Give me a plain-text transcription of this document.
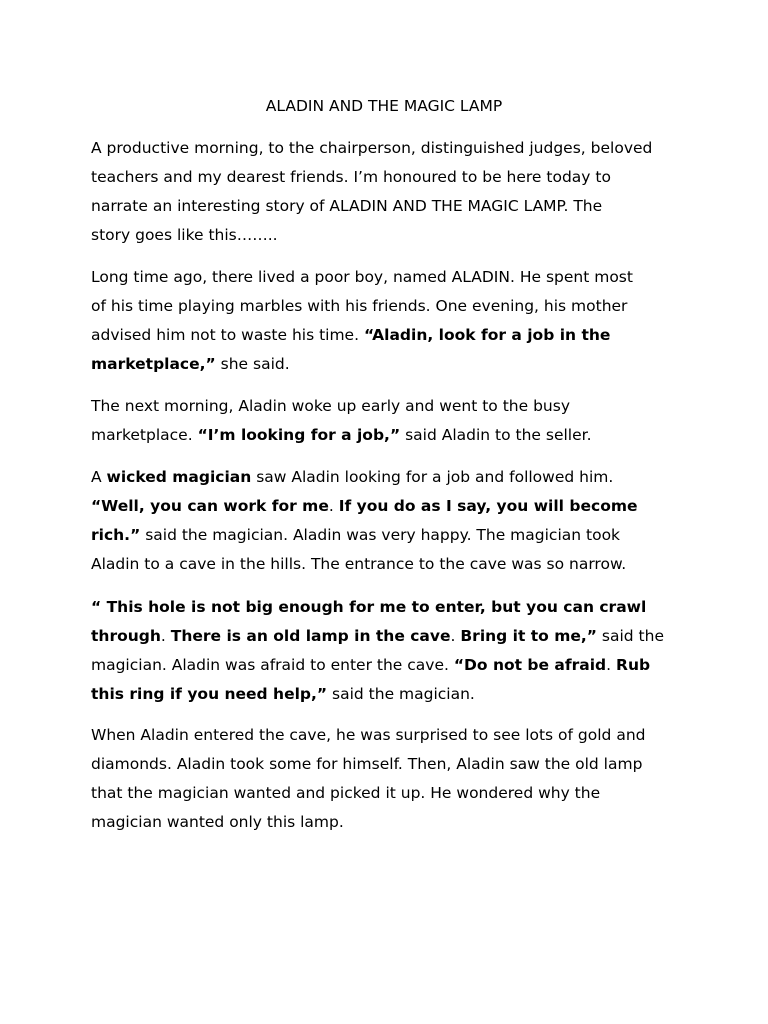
ALADIN AND THE MAGIC LAMP

A productive morning, to the chairperson, distinguished judges, beloved
teachers and my dearest friends. I’m honoured to be here today to
narrate an interesting story of ALADIN AND THE MAGIC LAMP. The
story goes like this……..

Long time ago, there lived a poor boy, named ALADIN. He spent most
of his time playing marbles with his friends. One evening, his mother
advised him not to waste his time. “Aladin, look for a job in the
marketplace,” she said.

The next morning, Aladin woke up early and went to the busy
marketplace. “I’m looking for a job,” said Aladin to the seller.

A wicked magician saw Aladin looking for a job and followed him.
“Well, you can work for me. If you do as I say, you will become
rich.” said the magician. Aladin was very happy. The magician took
Aladin to a cave in the hills. The entrance to the cave was so narrow.

“ This hole is not big enough for me to enter, but you can crawl
through. There is an old lamp in the cave. Bring it to me,” said the
magician. Aladin was afraid to enter the cave. “Do not be afraid. Rub
this ring if you need help,” said the magician.

When Aladin entered the cave, he was surprised to see lots of gold and
diamonds. Aladin took some for himself. Then, Aladin saw the old lamp
that the magician wanted and picked it up. He wondered why the
magician wanted only this lamp.
